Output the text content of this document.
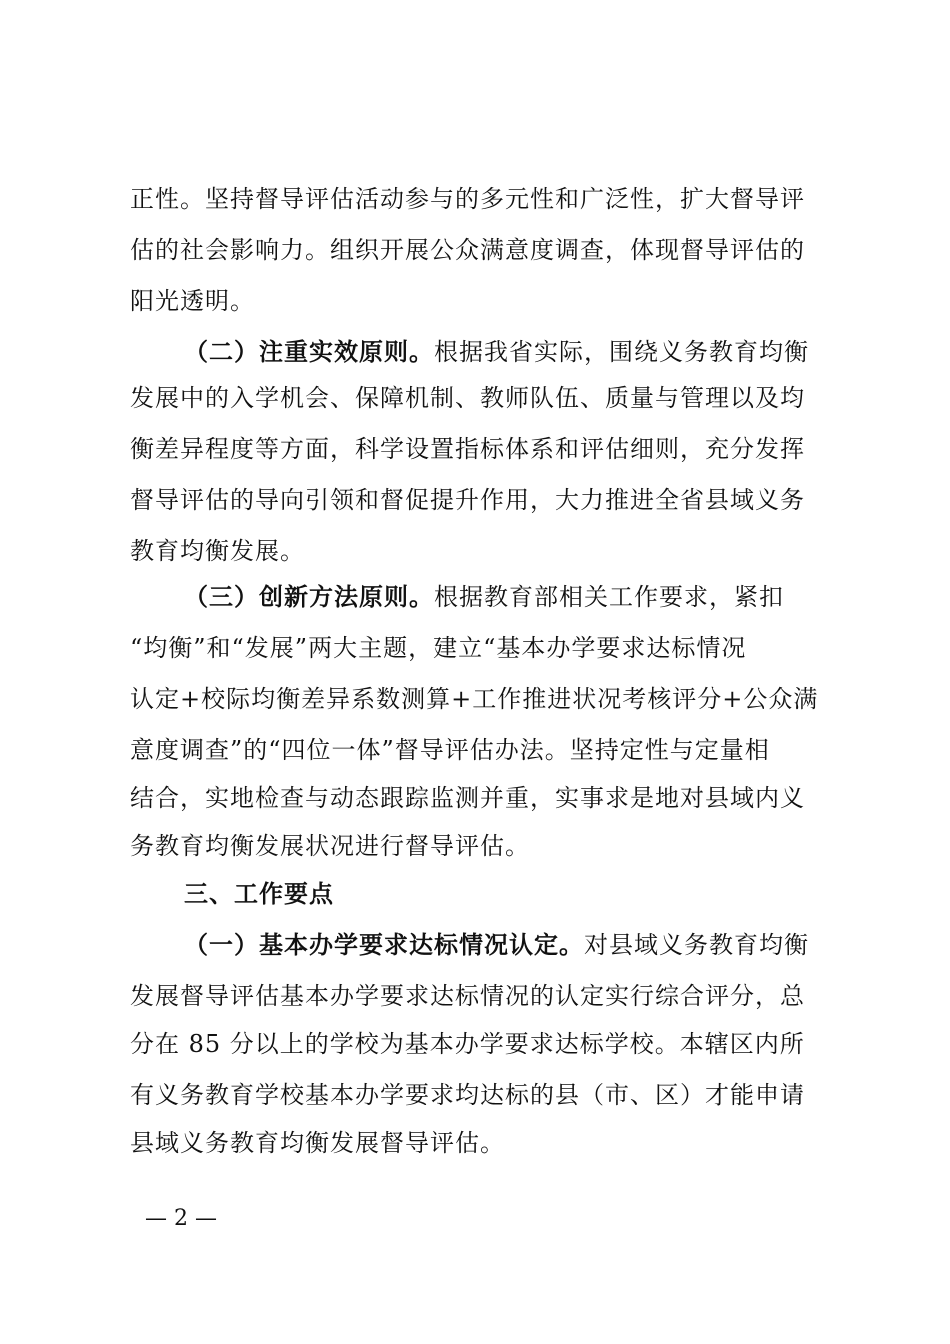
正性。坚持督导评估活动参与的多元性和广泛性，扩大督导评
估的社会影响力。组织开展公众满意度调查，体现督导评估的
阳光透明。
（二）注重实效原则。根据我省实际，围绕义务教育均衡
发展中的入学机会、保障机制、教师队伍、质量与管理以及均
衡差异程度等方面，科学设置指标体系和评估细则，充分发挥
督导评估的导向引领和督促提升作用，大力推进全省县域义务
教育均衡发展。
（三）创新方法原则。根据教育部相关工作要求，紧扣
“均衡”和“发展”两大主题，建立“基本办学要求达标情况
认定+校际均衡差异系数测算+工作推进状况考核评分+公众满
意度调查”的“四位一体”督导评估办法。坚持定性与定量相
结合，实地检查与动态跟踪监测并重，实事求是地对县域内义
务教育均衡发展状况进行督导评估。
三、工作要点
（一）基本办学要求达标情况认定。对县域义务教育均衡
发展督导评估基本办学要求达标情况的认定实行综合评分，总
分在 85 分以上的学校为基本办学要求达标学校。本辖区内所
有义务教育学校基本办学要求均达标的县（市、区）才能申请
县域义务教育均衡发展督导评估。
— 2 —
